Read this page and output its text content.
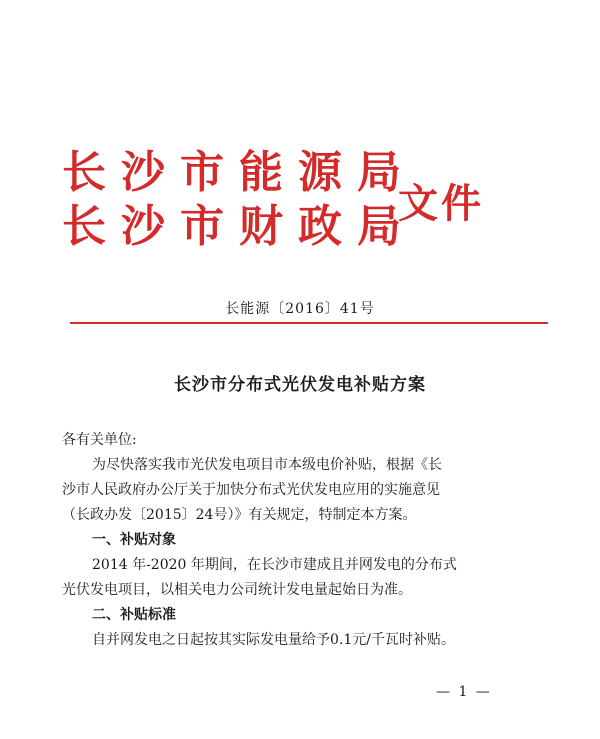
长沙市能源局
长沙市财政局
文件
长能源〔2016〕41号
长沙市分布式光伏发电补贴方案

各有关单位:

为尽快落实我市光伏发电项目市本级电价补贴，根据《长

沙市人民政府办公厅关于加快分布式光伏发电应用的实施意见

（长政办发〔2015〕24号）》有关规定，特制定本方案。

一、补贴对象

2014 年-2020 年期间，在长沙市建成且并网发电的分布式

光伏发电项目，以相关电力公司统计发电量起始日为准。

二、补贴标准

自并网发电之日起按其实际发电量给予0.1元/千瓦时补贴。

— 1 —
